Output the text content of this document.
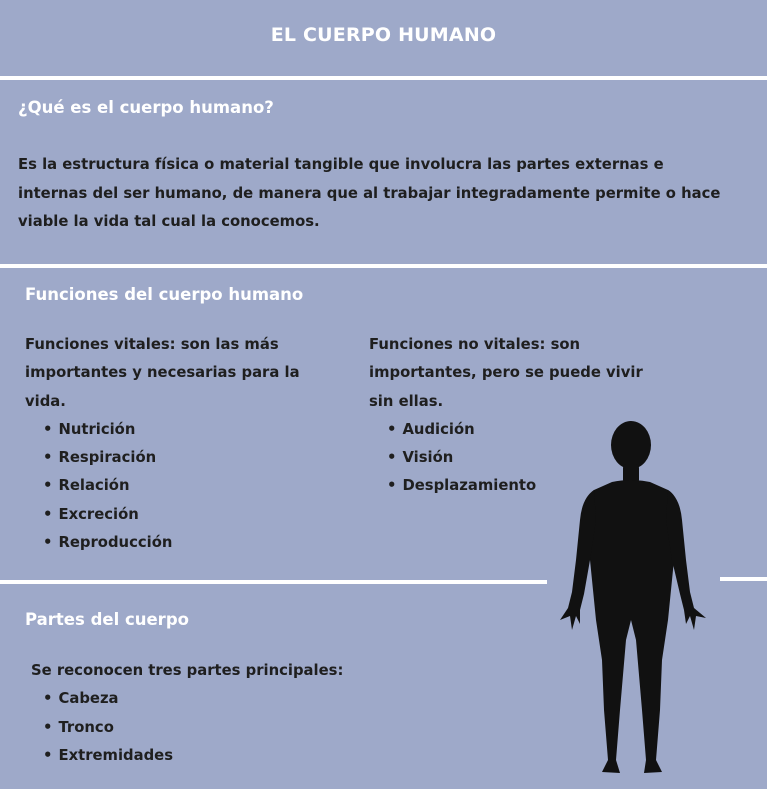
EL CUERPO HUMANO
¿Qué es el cuerpo humano?
Es la estructura física o material tangible que involucra las partes externas e
internas del ser humano, de manera que al trabajar integradamente permite o hace
viable la vida tal cual la conocemos.
Funciones del cuerpo humano

Funciones vitales: son las más

importantes y necesarias para la

vida.

• Nutrición
• Respiración
• Relación
• Excreción
• Reproducción

Funciones no vitales: son

importantes, pero se puede vivir

sin ellas.

• Audición
• Visión
• Desplazamiento
Partes del cuerpo

Se reconocen tres partes principales:

• Cabeza
• Tronco
• Extremidades
